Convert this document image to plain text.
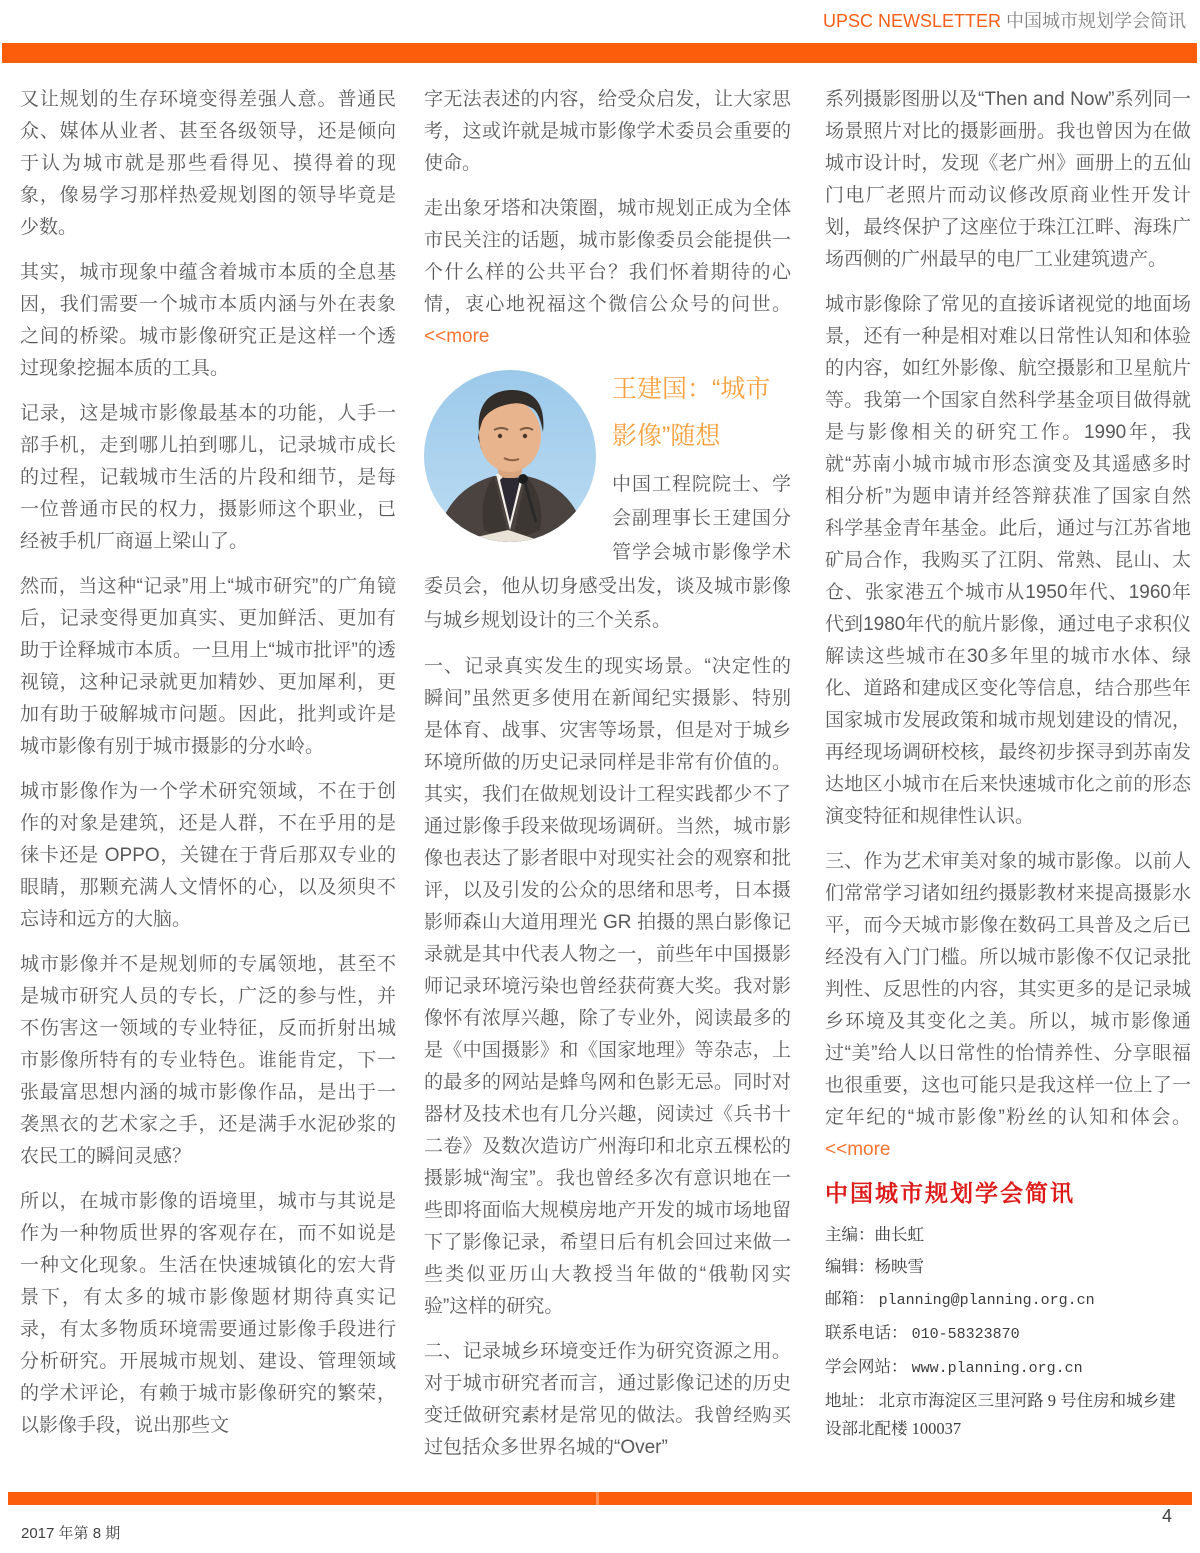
UPSC NEWSLETTER 中国城市规划学会简讯

又让规划的生存环境变得差强人意。普通民众、媒体从业者、甚至各级领导，还是倾向于认为城市就是那些看得见、摸得着的现象，像易学习那样热爱规划图的领导毕竟是少数。

其实，城市现象中蕴含着城市本质的全息基因，我们需要一个城市本质内涵与外在表象之间的桥梁。城市影像研究正是这样一个透过现象挖掘本质的工具。

记录，这是城市影像最基本的功能，人手一部手机，走到哪儿拍到哪儿，记录城市成长的过程，记载城市生活的片段和细节，是每一位普通市民的权力，摄影师这个职业，已经被手机厂商逼上梁山了。

然而，当这种“记录”用上“城市研究”的广角镜后，记录变得更加真实、更加鲜活、更加有助于诠释城市本质。一旦用上“城市批评”的透视镜，这种记录就更加精妙、更加犀利，更加有助于破解城市问题。因此，批判或许是城市影像有别于城市摄影的分水岭。

城市影像作为一个学术研究领域，不在于创作的对象是建筑，还是人群，不在乎用的是徕卡还是 OPPO，关键在于背后那双专业的眼睛，那颗充满人文情怀的心，以及须臾不忘诗和远方的大脑。

城市影像并不是规划师的专属领地，甚至不是城市研究人员的专长，广泛的参与性，并不伤害这一领域的专业特征，反而折射出城市影像所特有的专业特色。谁能肯定，下一张最富思想内涵的城市影像作品，是出于一袭黑衣的艺术家之手，还是满手水泥砂浆的农民工的瞬间灵感？

所以，在城市影像的语境里，城市与其说是作为一种物质世界的客观存在，而不如说是一种文化现象。生活在快速城镇化的宏大背景下，有太多的城市影像题材期待真实记录，有太多物质环境需要通过影像手段进行分析研究。开展城市规划、建设、管理领域的学术评论，有赖于城市影像研究的繁荣，以影像手段，说出那些文

字无法表述的内容，给受众启发，让大家思考，这或许就是城市影像学术委员会重要的使命。

走出象牙塔和决策圈，城市规划正成为全体市民关注的话题，城市影像委员会能提供一个什么样的公共平台？我们怀着期待的心情，衷心地祝福这个微信公众号的问世。 <<more

王建国：“城市影像”随想

中国工程院院士、学会副理事长王建国分管学会城市影像学术委员会，他从切身感受出发，谈及城市影像与城乡规划设计的三个关系。

一、记录真实发生的现实场景。“决定性的瞬间”虽然更多使用在新闻纪实摄影、特别是体育、战事、灾害等场景，但是对于城乡环境所做的历史记录同样是非常有价值的。 其实，我们在做规划设计工程实践都少不了通过影像手段来做现场调研。当然，城市影像也表达了影者眼中对现实社会的观察和批评，以及引发的公众的思绪和思考，日本摄影师森山大道用理光 GR 拍摄的黑白影像记录就是其中代表人物之一，前些年中国摄影师记录环境污染也曾经获荷赛大奖。我对影像怀有浓厚兴趣，除了专业外，阅读最多的是《中国摄影》和《国家地理》等杂志，上的最多的网站是蜂鸟网和色影无忌。同时对器材及技术也有几分兴趣，阅读过《兵书十二卷》及数次造访广州海印和北京五棵松的摄影城“淘宝”。我也曾经多次有意识地在一些即将面临大规模房地产开发的城市场地留下了影像记录，希望日后有机会回过来做一些类似亚历山大教授当年做的“俄勒冈实验”这样的研究。

二、记录城乡环境变迁作为研究资源之用。对于城市研究者而言，通过影像记述的历史变迁做研究素材是常见的做法。我曾经购买过包括众多世界名城的“Over”

系列摄影图册以及“Then and Now”系列同一场景照片对比的摄影画册。我也曾因为在做城市设计时，发现《老广州》画册上的五仙门电厂老照片而动议修改原商业性开发计划，最终保护了这座位于珠江江畔、海珠广场西侧的广州最早的电厂工业建筑遗产。

城市影像除了常见的直接诉诸视觉的地面场景，还有一种是相对难以日常性认知和体验的内容，如红外影像、航空摄影和卫星航片等。我第一个国家自然科学基金项目做得就是与影像相关的研究工作。1990年，我就“苏南小城市城市形态演变及其遥感多时相分析”为题申请并经答辩获准了国家自然科学基金青年基金。此后，通过与江苏省地矿局合作，我购买了江阴、常熟、昆山、太仓、张家港五个城市从1950年代、1960年代到1980年代的航片影像，通过电子求积仪解读这些城市在30多年里的城市水体、绿化、道路和建成区变化等信息，结合那些年国家城市发展政策和城市规划建设的情况，再经现场调研校核，最终初步探寻到苏南发达地区小城市在后来快速城市化之前的形态演变特征和规律性认识。

三、作为艺术审美对象的城市影像。以前人们常常学习诸如纽约摄影教材来提高摄影水平，而今天城市影像在数码工具普及之后已经没有入门门槛。所以城市影像不仅记录批判性、反思性的内容，其实更多的是记录城乡环境及其变化之美。所以，城市影像通过“美”给人以日常性的怡情养性、分享眼福也很重要，这也可能只是我这样一位上了一定年纪的“城市影像”粉丝的认知和体会。 <<more

中国城市规划学会简讯
主编：曲长虹
编辑：杨映雪
邮箱： planning@planning.org.cn
联系电话： 010-58323870
学会网站： www.planning.org.cn
地址： 北京市海淀区三里河路 9 号住房和城乡建设部北配楼 100037
2017 年第 8 期
4
